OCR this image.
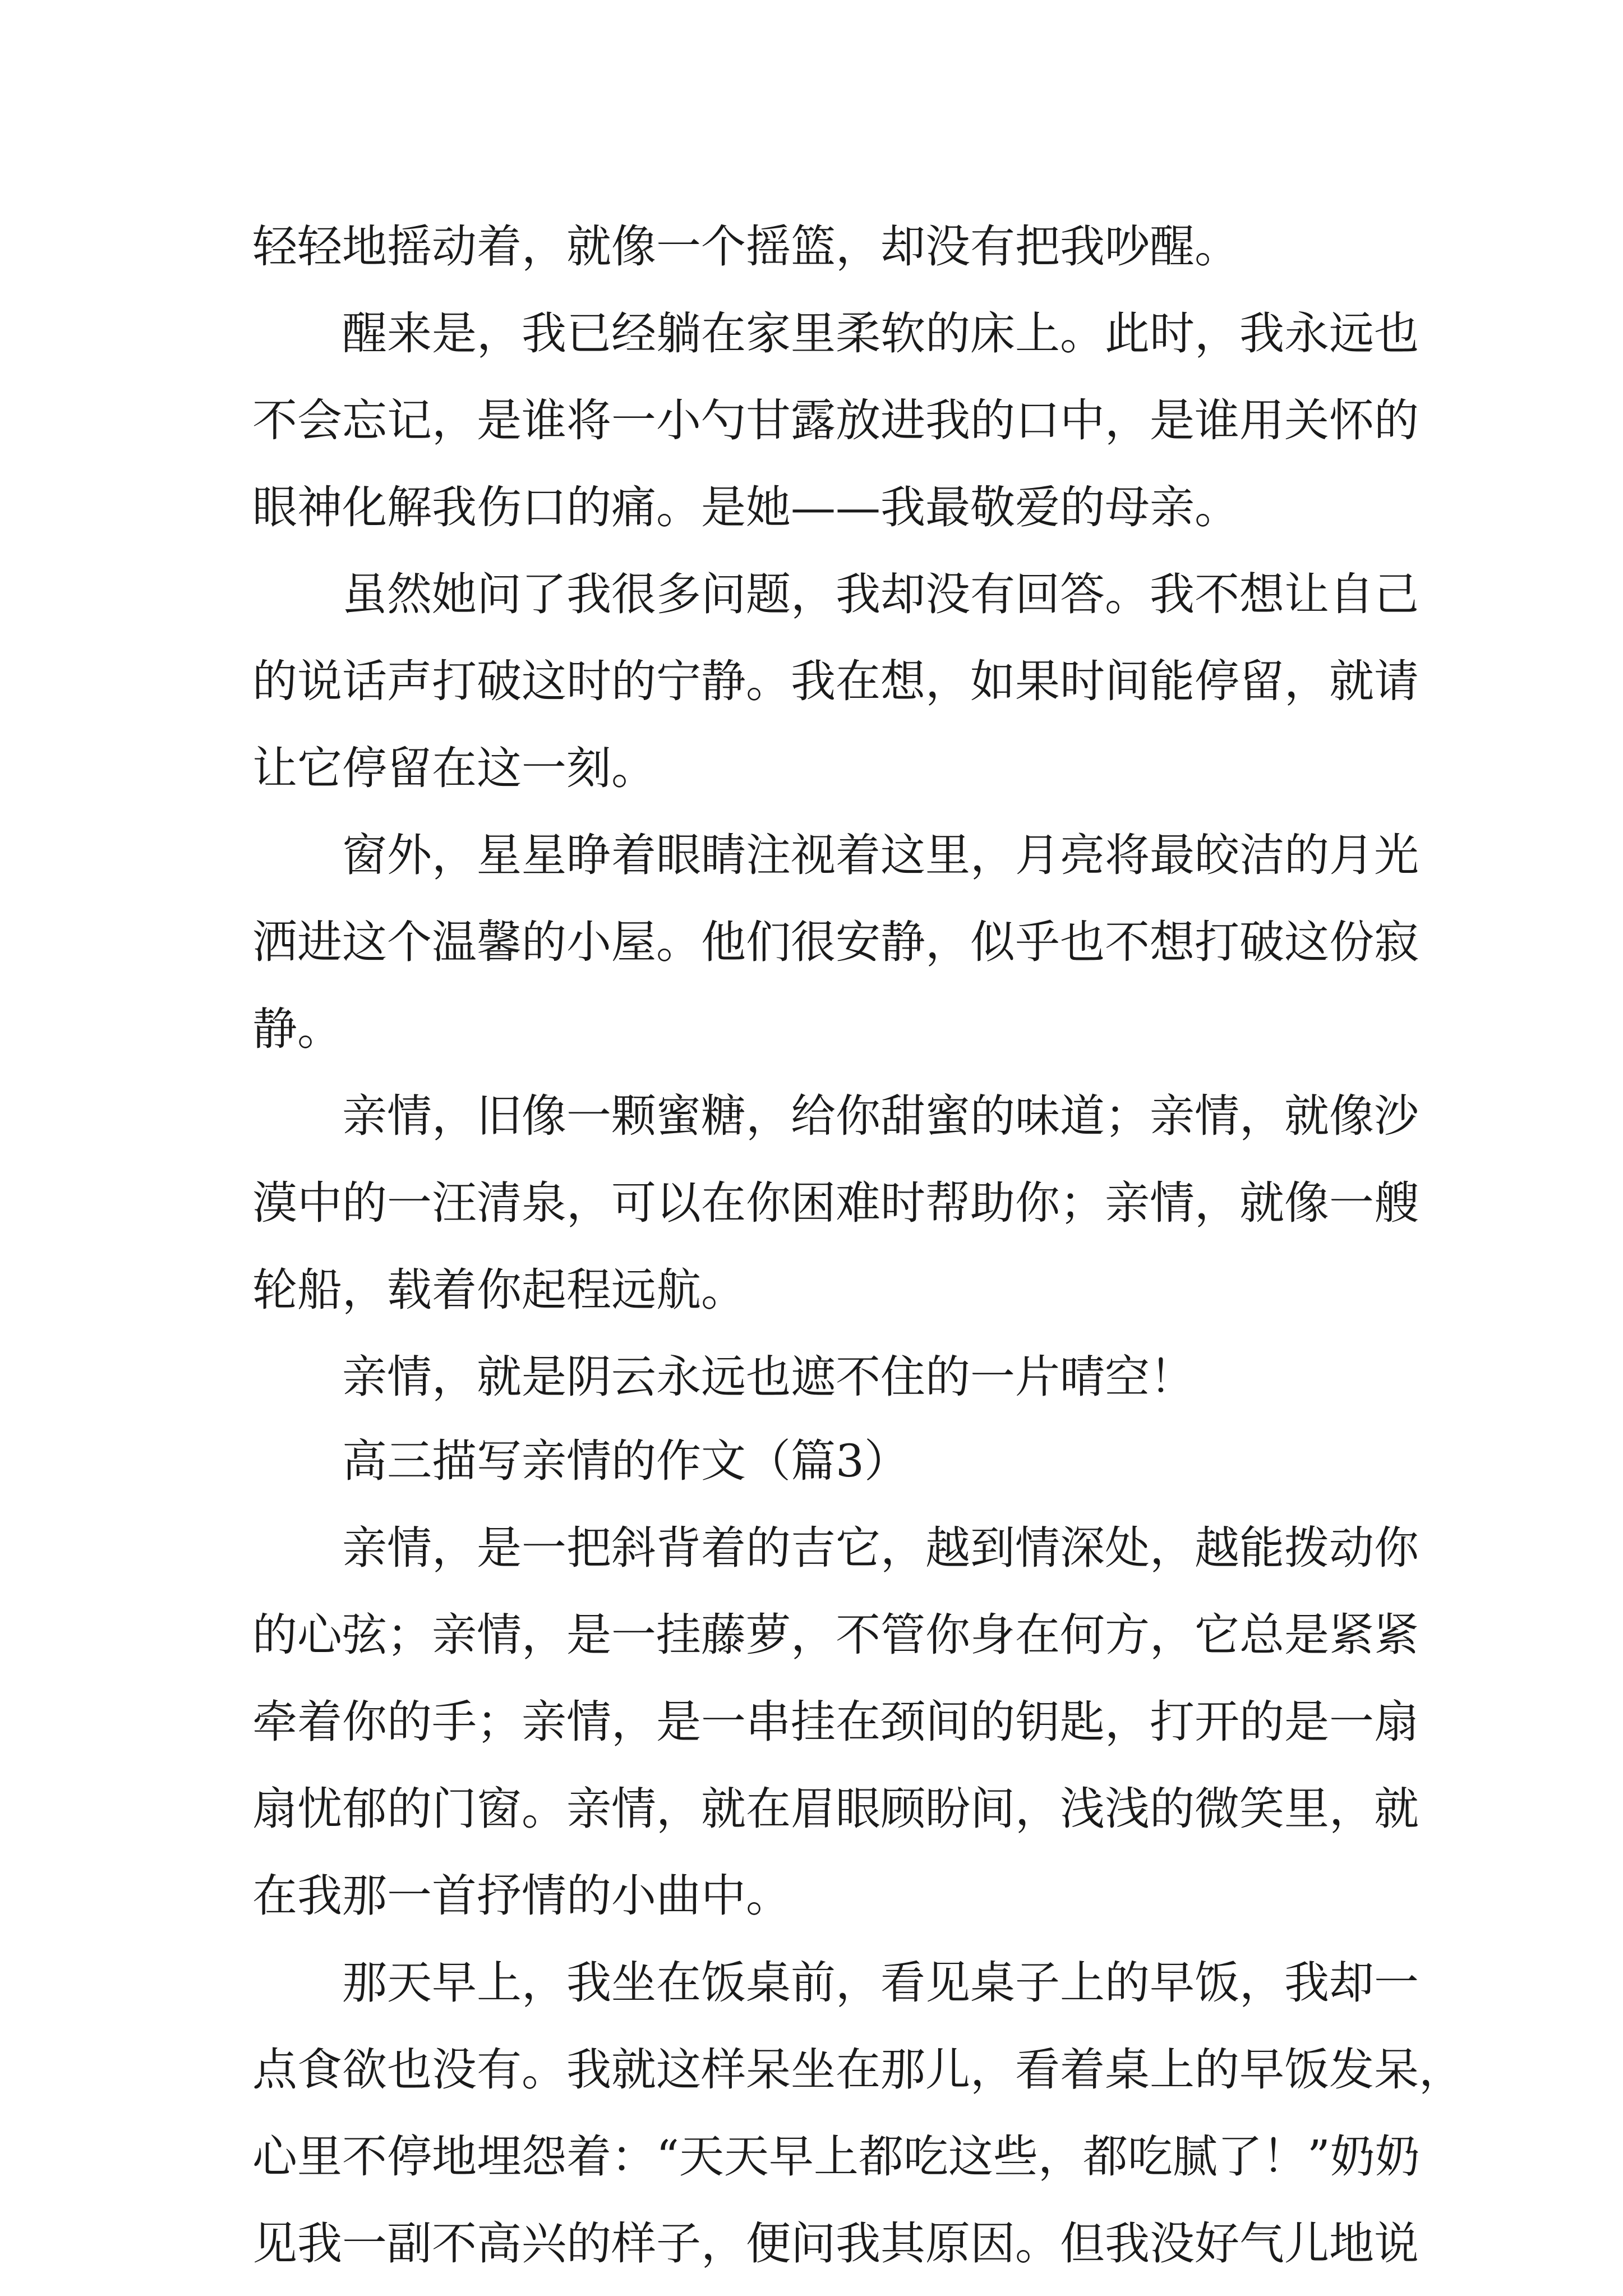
轻轻地摇动着，就像一个摇篮，却没有把我吵醒。

醒来是，我已经躺在家里柔软的床上。此时，我永远也

不会忘记，是谁将一小勺甘露放进我的口中，是谁用关怀的

眼神化解我伤口的痛。是她——我最敬爱的母亲。

虽然她问了我很多问题，我却没有回答。我不想让自己

的说话声打破这时的宁静。我在想，如果时间能停留，就请

让它停留在这一刻。

窗外，星星睁着眼睛注视着这里，月亮将最皎洁的月光

洒进这个温馨的小屋。他们很安静，似乎也不想打破这份寂

静。

亲情，旧像一颗蜜糖，给你甜蜜的味道；亲情，就像沙

漠中的一汪清泉，可以在你困难时帮助你；亲情，就像一艘

轮船，载着你起程远航。

亲情，就是阴云永远也遮不住的一片晴空！

高三描写亲情的作文（篇3）

亲情，是一把斜背着的吉它，越到情深处，越能拨动你

的心弦；亲情，是一挂藤萝，不管你身在何方，它总是紧紧

牵着你的手；亲情，是一串挂在颈间的钥匙，打开的是一扇

扇忧郁的门窗。亲情，就在眉眼顾盼间，浅浅的微笑里，就

在我那一首抒情的小曲中。

那天早上，我坐在饭桌前，看见桌子上的早饭，我却一

点食欲也没有。我就这样呆坐在那儿，看着桌上的早饭发呆，

心里不停地埋怨着：“天天早上都吃这些，都吃腻了！”奶奶

见我一副不高兴的样子，便问我其原因。但我没好气儿地说
